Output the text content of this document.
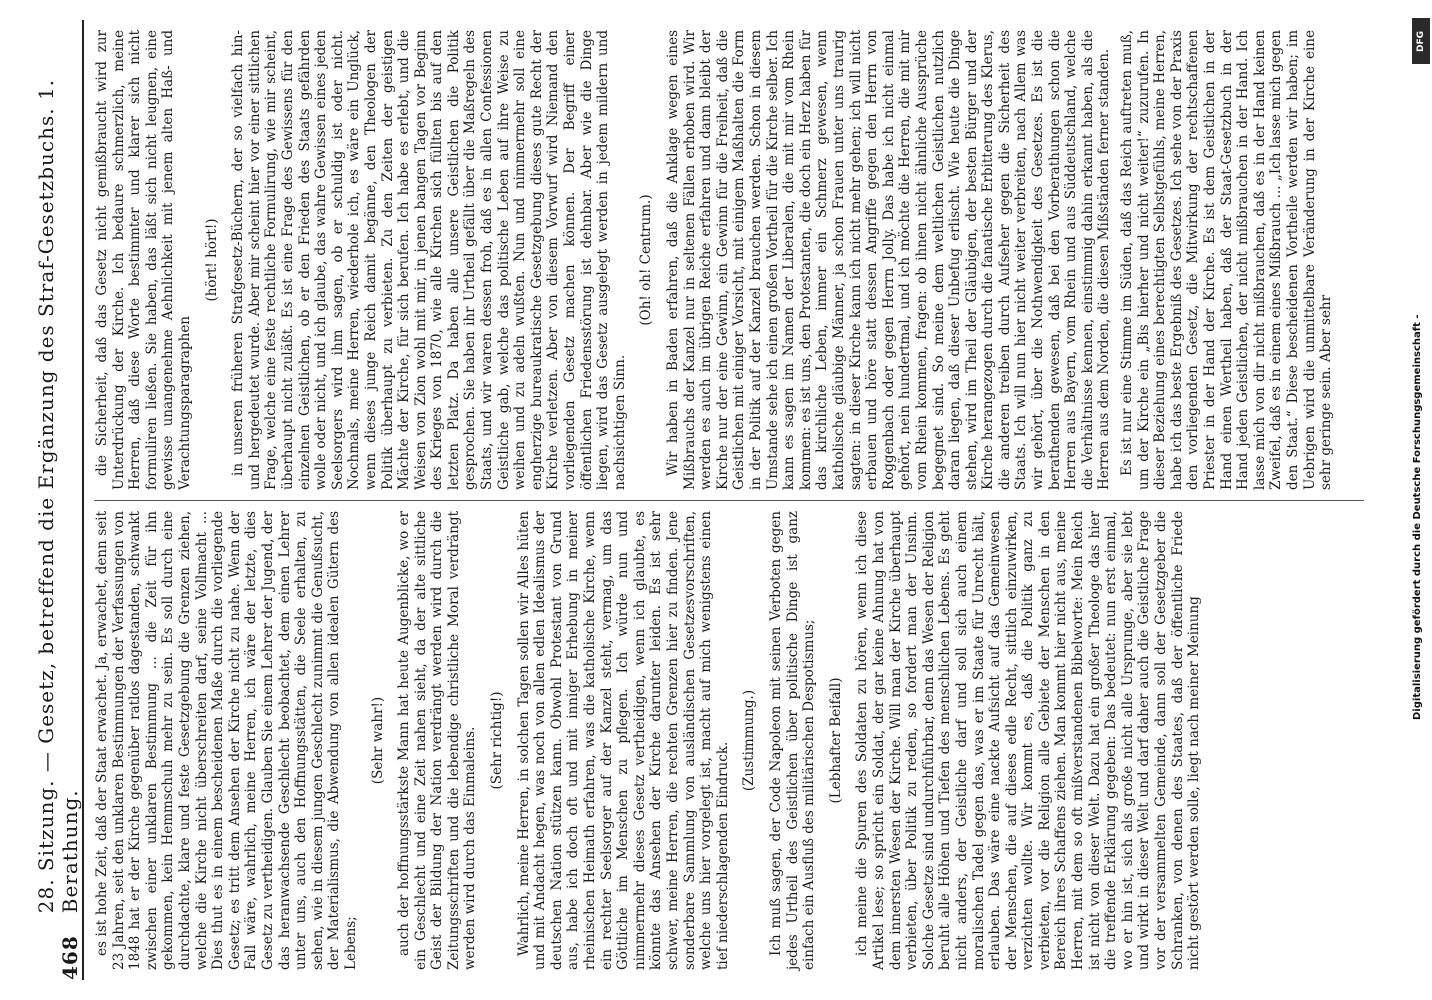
468
28. Sitzung. — Gesetz, betreffend die Ergänzung des Straf-Gesetzbuchs. 1. Berathung. es ist hohe Zeit, daß der Staat erwachet. Ja, erwachet, denn seit 23 Jahren, seit den unklaren Bestimmungen der Verfassungen von 1848 hat er der Kirche gegenüber ratlos dagestanden, schwankt zwischen einer unklaren Bestimmung ... die Zeit für ihn gekommen, kein Hemmschuh mehr zu sein. Es soll durch eine durchdachte, klare und feste Gesetzgebung die Grenzen ziehen, welche die Kirche nicht überschreiten darf, seine Vollmacht ... Dies thut es in einem bescheidenen Maße durch die vorliegende Gesetz; es tritt dem Ansehen der Kirche nicht zu nahe. Wenn der Fall wäre, wahrlich, meine Herren, ich wäre der letzte, dies Gesetz zu vertheidigen. Glauben Sie einem Lehrer der Jugend, der das heranwachsende Geschlecht beobachtet, dem einen Lehrer unter uns, auch den Hoffnungsstätten, die Seele erhalten, zu sehen, wie in diesem jungen Geschlecht zunimmt die Genußsucht, der Materialismus, die Abwendung von allen idealen Gütern des Lebens;

(Sehr wahr!) auch der hoffnungsstärkste Mann hat heute Augenblicke, wo er ein Geschlecht und eine Zeit nahen sieht, da der alte sittliche Geist der Bildung der Nation verdrängt werden wird durch die Zeitungsschriften und die lebendige christliche Moral verdrängt werden wird durch das Einmaleins. (Sehr richtig!) Wahrlich, meine Herren, in solchen Tagen sollen wir Alles hüten und mit Andacht hegen, was noch von allen edlen Idealismus der deutschen Nation stützen kann. Obwohl Protestant von Grund aus, habe ich doch oft und mit inniger Erhebung in meiner rheinischen Heimath erfahren, was die katholische Kirche, wenn ein rechter Seelsorger auf der Kanzel steht, vermag, um das Göttliche im Menschen zu pflegen. Ich würde nun und nimmermehr dieses Gesetz vertheidigen, wenn ich glaubte, es könnte das Ansehen der Kirche darunter leiden. Es ist sehr schwer, meine Herren, die rechten Grenzen hier zu finden. Jene sonderbare Sammlung von ausländischen Gesetzesvorschriften, welche uns hier vorgelegt ist, macht auf mich wenigstens einen tief niederschlagenden Eindruck.

(Zustimmung.) Ich muß sagen, der Code Napoleon mit seinen Verboten gegen jedes Urtheil des Geistlichen über politische Dinge ist ganz einfach ein Ausfluß des militärischen Despotismus; (Lebhafter Beifall) ich meine die Spuren des Soldaten zu hören, wenn ich diese Artikel lese; so spricht ein Soldat, der gar keine Ahnung hat von dem innersten Wesen der Kirche. Will man der Kirche überhaupt verbieten, über Politik zu reden, so fordert man der Unsinn. Solche Gesetze sind undurchführbar, denn das Wesen der Religion beruht alle Höhen und Tiefen des menschlichen Lebens. Es geht nicht anders, der Geistliche darf und soll sich auch einem moralischen Tadel gegen das, was er im Staate für Unrecht hält, erlauben. Das wäre eine nackte Aufsicht auf das Gemeinwesen der Menschen, die auf dieses edle Recht, sittlich einzuwirken, verzichten wollte. Wir kommt es, daß die Politik ganz zu verbieten, vor die Religion alle Gebiete der Menschen in den Bereich ihres Schaffens ziehen. Man kommt hier nicht aus, meine Herren, mit dem so oft mißverstandenen Bibelworte: Mein Reich ist nicht von dieser Welt. Dazu hat ein großer Theologe das hier die treffende Erklärung gegeben: Das bedeutet: nun erst einmal, wo er hin ist, sich als große nicht alle Ursprunge, aber sie lebt und wirkt in dieser Welt und darf daher auch die Geistliche Frage vor der versammelten Gemeinde, dann soll der Gesetzgeber die Schranken, von denen des Staates, daß der öffentliche Friede nicht gestört werden solle, liegt nach meiner Meinung

die Sicherheit, daß das Gesetz nicht gemißbraucht wird zur Unterdrückung der Kirche. Ich bedaure schmerzlich, meine Herren, daß diese Worte bestimmter und klarer sich nicht formuliren ließen. Sie haben, das läßt sich nicht leugnen, eine gewisse unangenehme Aehnlichkeit mit jenem alten Haß- und Verachtungsparagraphen

(hört! hört!) in unseren früheren Strafgesetz-Büchern, der so vielfach hin- und hergedeutet wurde. Aber mir scheint hier vor einer sittlichen Frage, welche eine feste rechtliche Formulirung, wie mir scheint, überhaupt nicht zuläßt. Es ist eine Frage des Gewissens für den einzelnen Geistlichen, ob er den Frieden des Staats gefährden wolle oder nicht, und ich glaube, das wahre Gewissen eines jeden Seelsorgers wird ihm sagen, ob er schuldig ist oder nicht. Nochmals, meine Herren, wiederhole ich, es wäre ein Unglück, wenn dieses junge Reich damit begänne, den Theologen der Politik überhaupt zu verbieten. Zu den Zeiten der geistigen Mächte der Kirche, für sich berufen. Ich habe es erlebt, und die Weisen von Zion wohl mit mir, in jenen bangen Tagen vor Beginn des Krieges von 1870, wie alle Kirchen sich füllten bis auf den letzten Platz. Da haben alle unsere Geistlichen die Politik gesprochen. Sie haben ihr Urtheil gefällt über die Maßregeln des Staats, und wir waren dessen froh, daß es in allen Confessionen Geistliche gab, welche das politische Leben auf ihre Weise zu weihen und zu adeln wußten. Nun und nimmermehr soll eine engherzige bureaukratische Gesetzgebung dieses gute Recht der Kirche verletzen. Aber von diesem Vorwurf wird Niemand den vorliegenden Gesetz machen können. Der Begriff einer öffentlichen Friedensstörung ist dehnbar. Aber wie die Dinge liegen, wird das Gesetz ausgelegt werden in jedem mildern und nachsichtigen Sinn.

(Oh! oh! Centrum.) Wir haben in Baden erfahren, daß die Anklage wegen eines Mißbrauchs der Kanzel nur in seltenen Fällen erhoben wird. Wir werden es auch im übrigen Reiche erfahren und dann bleibt der Kirche nur der eine Gewinn, ein Gewinn für die Freiheit, daß die Geistlichen mit einiger Vorsicht, mit einigem Maßhalten die Form in der Politik auf der Kanzel brauchen werden. Schon in diesem Umstande sehe ich einen großen Vortheil für die Kirche selber. Ich kann es sagen im Namen der Liberalen, die mit mir vom Rhein kommen: es ist uns, den Protestanten, die doch ein Herz haben für das kirchliche Leben, immer ein Schmerz gewesen, wenn katholische gläubige Männer, ja schon Frauen unter uns traurig sagten: in dieser Kirche kann ich nicht mehr gehen; ich will nicht erbauen und höre statt dessen Angriffe gegen den Herrn von Roggenbach oder gegen Herrn Jolly. Das habe ich nicht einmal gehört, nein hundertmal, und ich möchte die Herren, die mit mir vom Rhein kommen, fragen: ob ihnen nicht ähnliche Aussprüche begegnet sind. So meine dem weltlichen Geistlichen nutzlich daran liegen, daß dieser Unbefug erlischt. Wie heute die Dinge stehen, wird im Theil der Gläubigen, der besten Bürger und der Kirche herangezogen durch die fanatische Erbitterung des Klerus, die anderen treiben durch Aufseher gegen die Sicherheit des Staats. Ich will nun hier nicht weiter verbreiten, nach Allem was wir gehört, über die Nothwendigkeit des Gesetzes. Es ist die berathenden gewesen, daß bei den Vorberathungen schon die Herren aus Bayern, vom Rhein und aus Süddeutschland, welche die Verhältnisse kennen, einstimmig dahin erkannt haben, als die Herren aus dem Norden, die diesen Mißständen ferner standen. Es ist nur eine Stimme im Süden, daß das Reich auftreten muß, um der Kirche ein „Bis hierher und nicht weiter!“ zuzurufen. In dieser Beziehung eines berechtigten Selbstgefühls, meine Herren, habe ich das beste Ergebniß des Gesetzes. Ich sehe von der Praxis den vorliegenden Gesetz, die Mitwirkung der rechtschaffenen Priester in der Hand der Kirche. Es ist dem Geistlichen in der Hand einen Wertheil haben, daß der Staat-Gesetzbuch in der Hand jeden Geistlichen, der nicht mißbrauchen in der Hand. Ich lasse mich von dir nicht mißbrauchen, daß es in der Hand keinen Zweifel, daß es in einem eines Mißbrauch ... „Ich lasse mich gegen den Staat.“ Diese bescheidenen Vortheile werden wir haben; im Uebrigen wird die unmittelbare Veränderung in der Kirche eine sehr geringe sein. Aber sehr

DFG
Digitalisierung gefördert durch die Deutsche Forschungsgemeinschaft -
